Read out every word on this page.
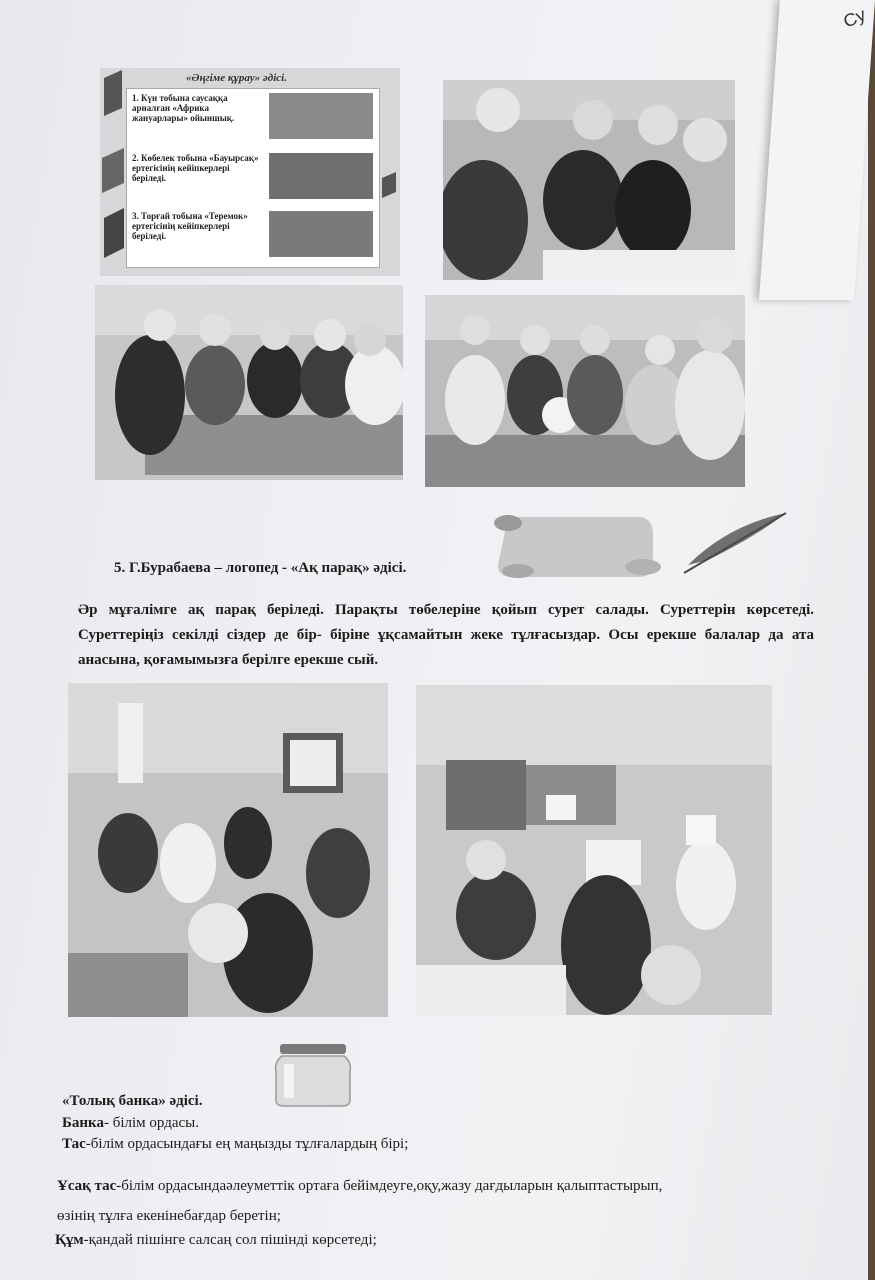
Су
«Әңгіме құрау» әдісі.
1. Күн тобына саусаққа арналған «Африка жануарлары» ойыншық.
2. Көбелек тобына «Бауырсақ» ертегісінің кейіпкерлері беріледі.
3. Торғай тобына «Теремок» ертегісінің кейіпкерлері беріледі.
5. Г.Бурабаева – логопед - «Ақ парақ» әдісі.
Әр мұғалімге ақ парақ беріледі. Парақты төбелеріне қойып сурет салады. Суреттерін көрсетеді. Суреттеріңіз секілді сіздер де бір- біріне ұқсамайтын жеке тұлғасыздар. Осы ерекше балалар да ата анасына, қоғамымызға берілге ерекше сый.
«Толық банка» әдісі.
Банка- білім ордасы.
Тас-білім ордасындағы ең маңызды тұлғалардың бірі;
Ұсақ тас-білім ордасындаәлеуметтік ортаға бейімдеуге,оқу,жазу дағдыларын қалыптастырып,
өзінің тұлға екенінебағдар беретін;
Құм-қандай пішінге салсаң сол пішінді көрсетеді;
